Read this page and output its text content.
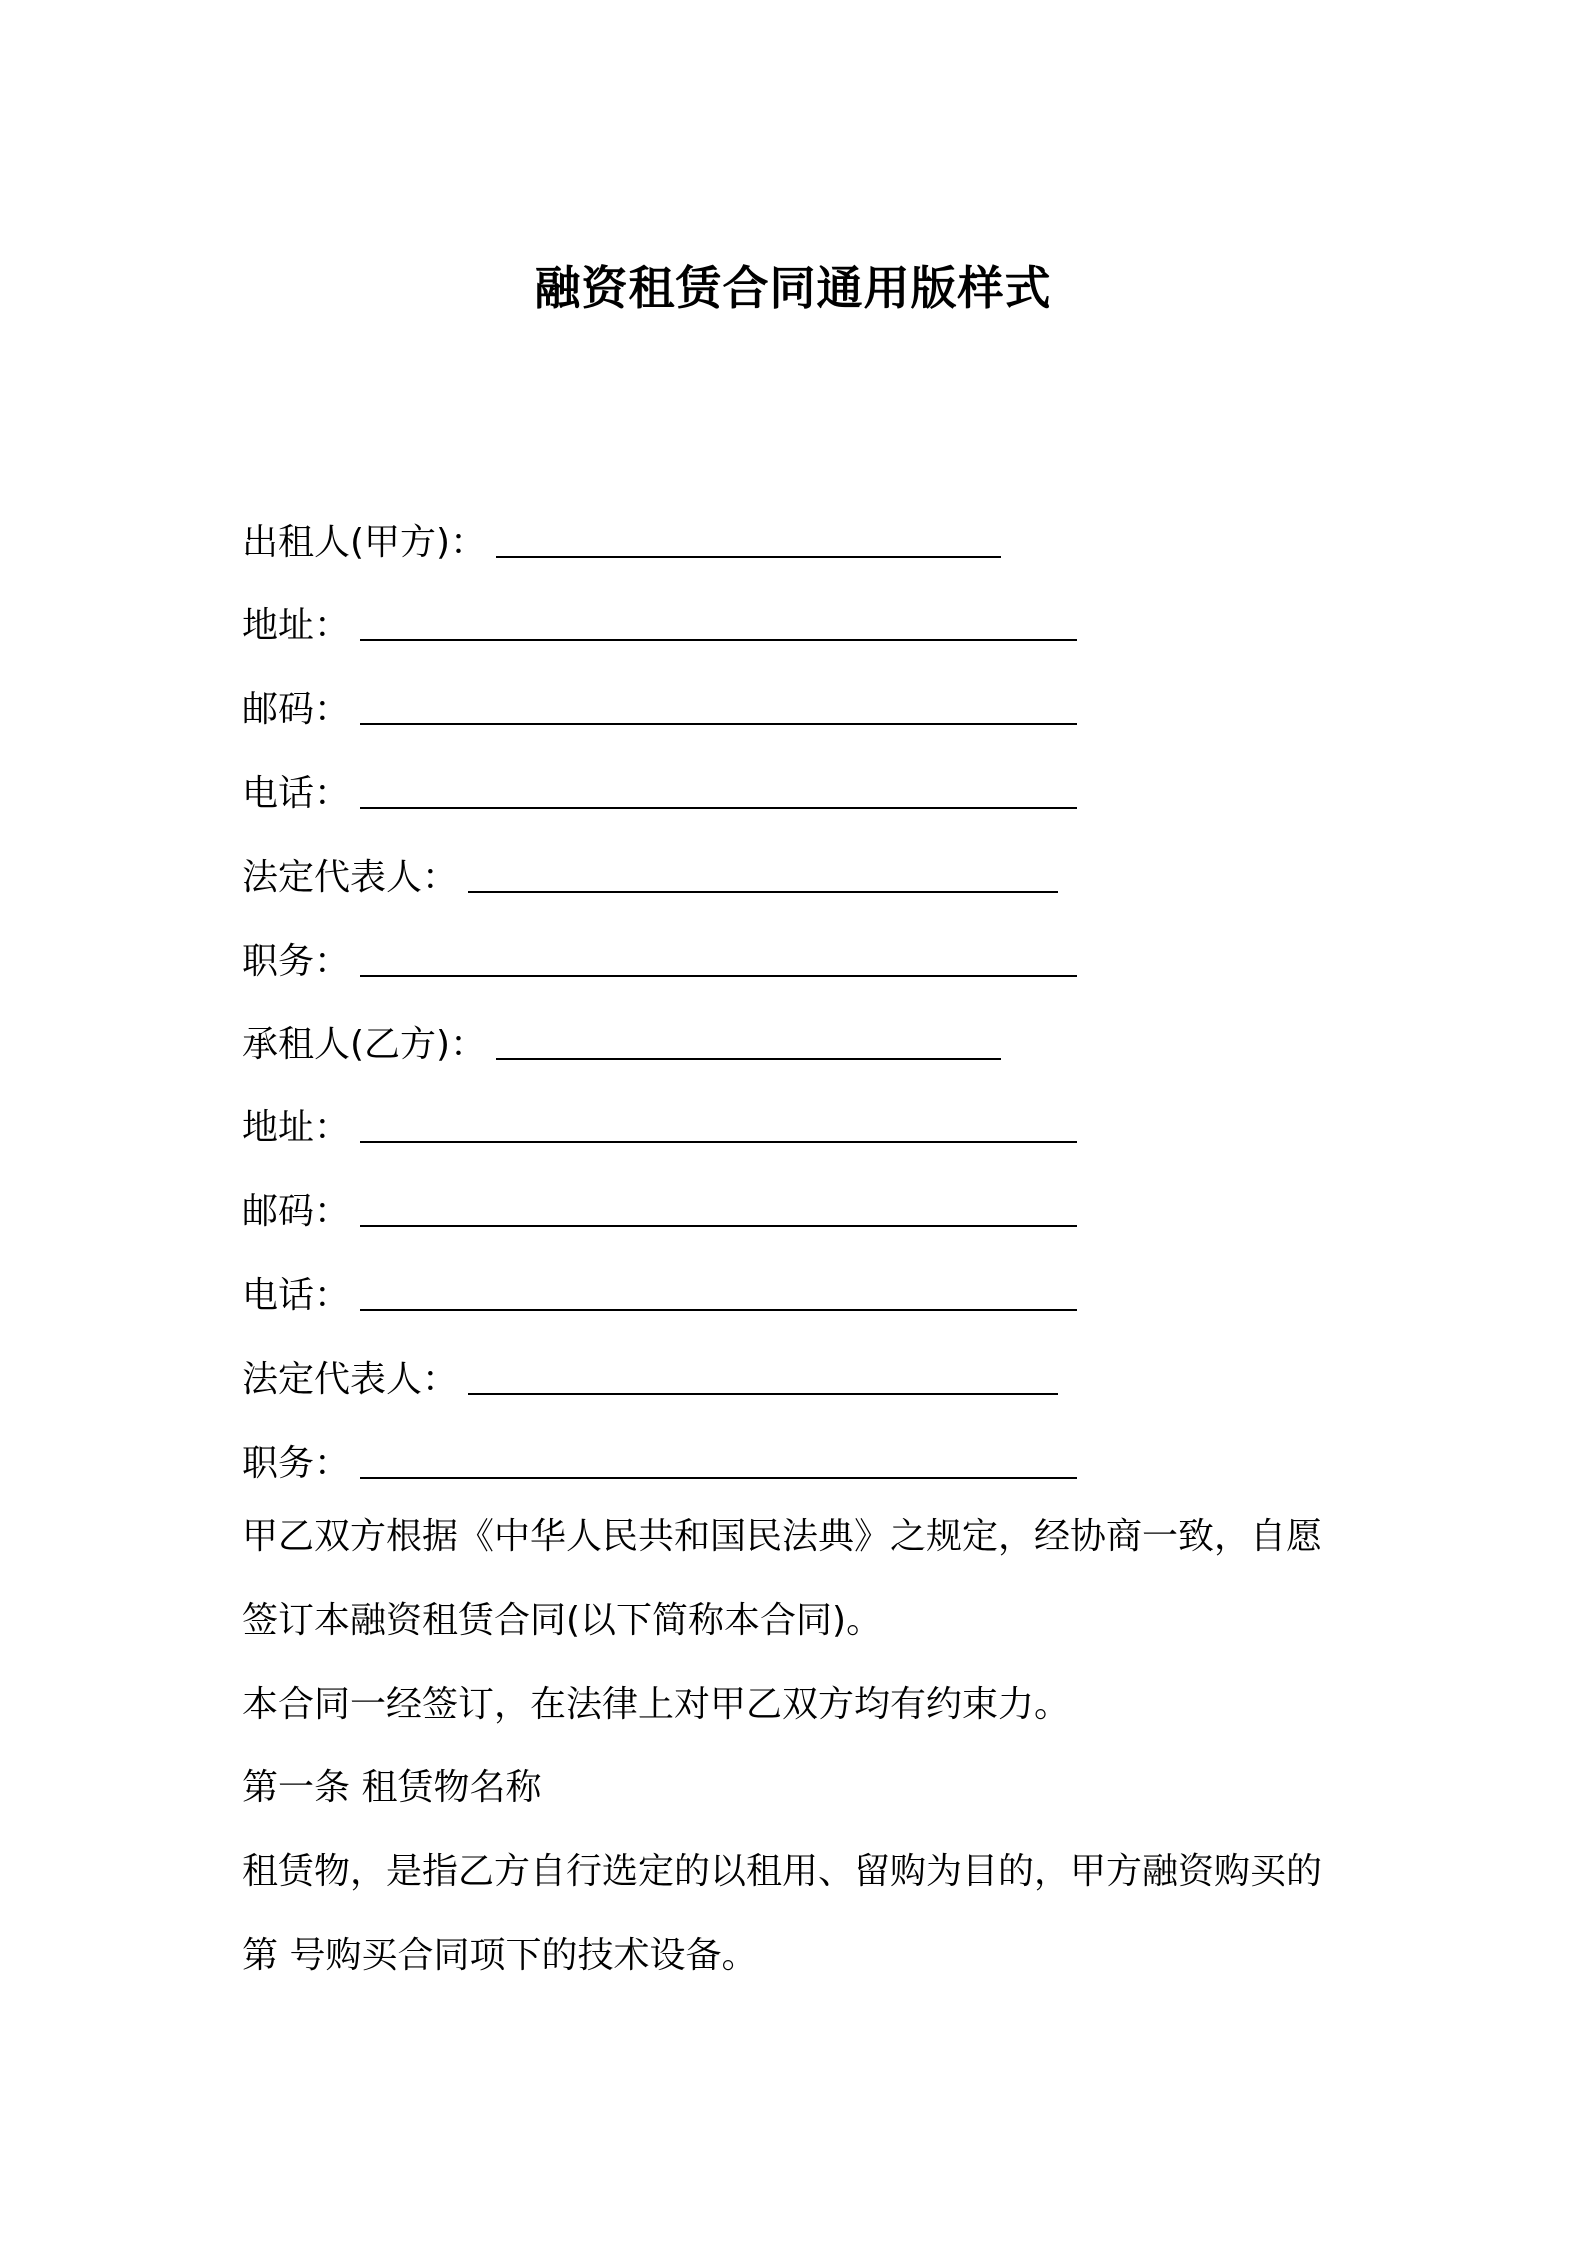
融资租赁合同通用版样式
出租人(甲方)：
地址：
邮码：
电话：
法定代表人：
职务：
承租人(乙方)：
地址：
邮码：
电话：
法定代表人：
职务：
甲乙双方根据《中华人民共和国民法典》之规定，经协商一致，自愿
签订本融资租赁合同(以下简称本合同)。
本合同一经签订，在法律上对甲乙双方均有约束力。
第一条 租赁物名称
租赁物，是指乙方自行选定的以租用、留购为目的，甲方融资购买的
第 号购买合同项下的技术设备。
